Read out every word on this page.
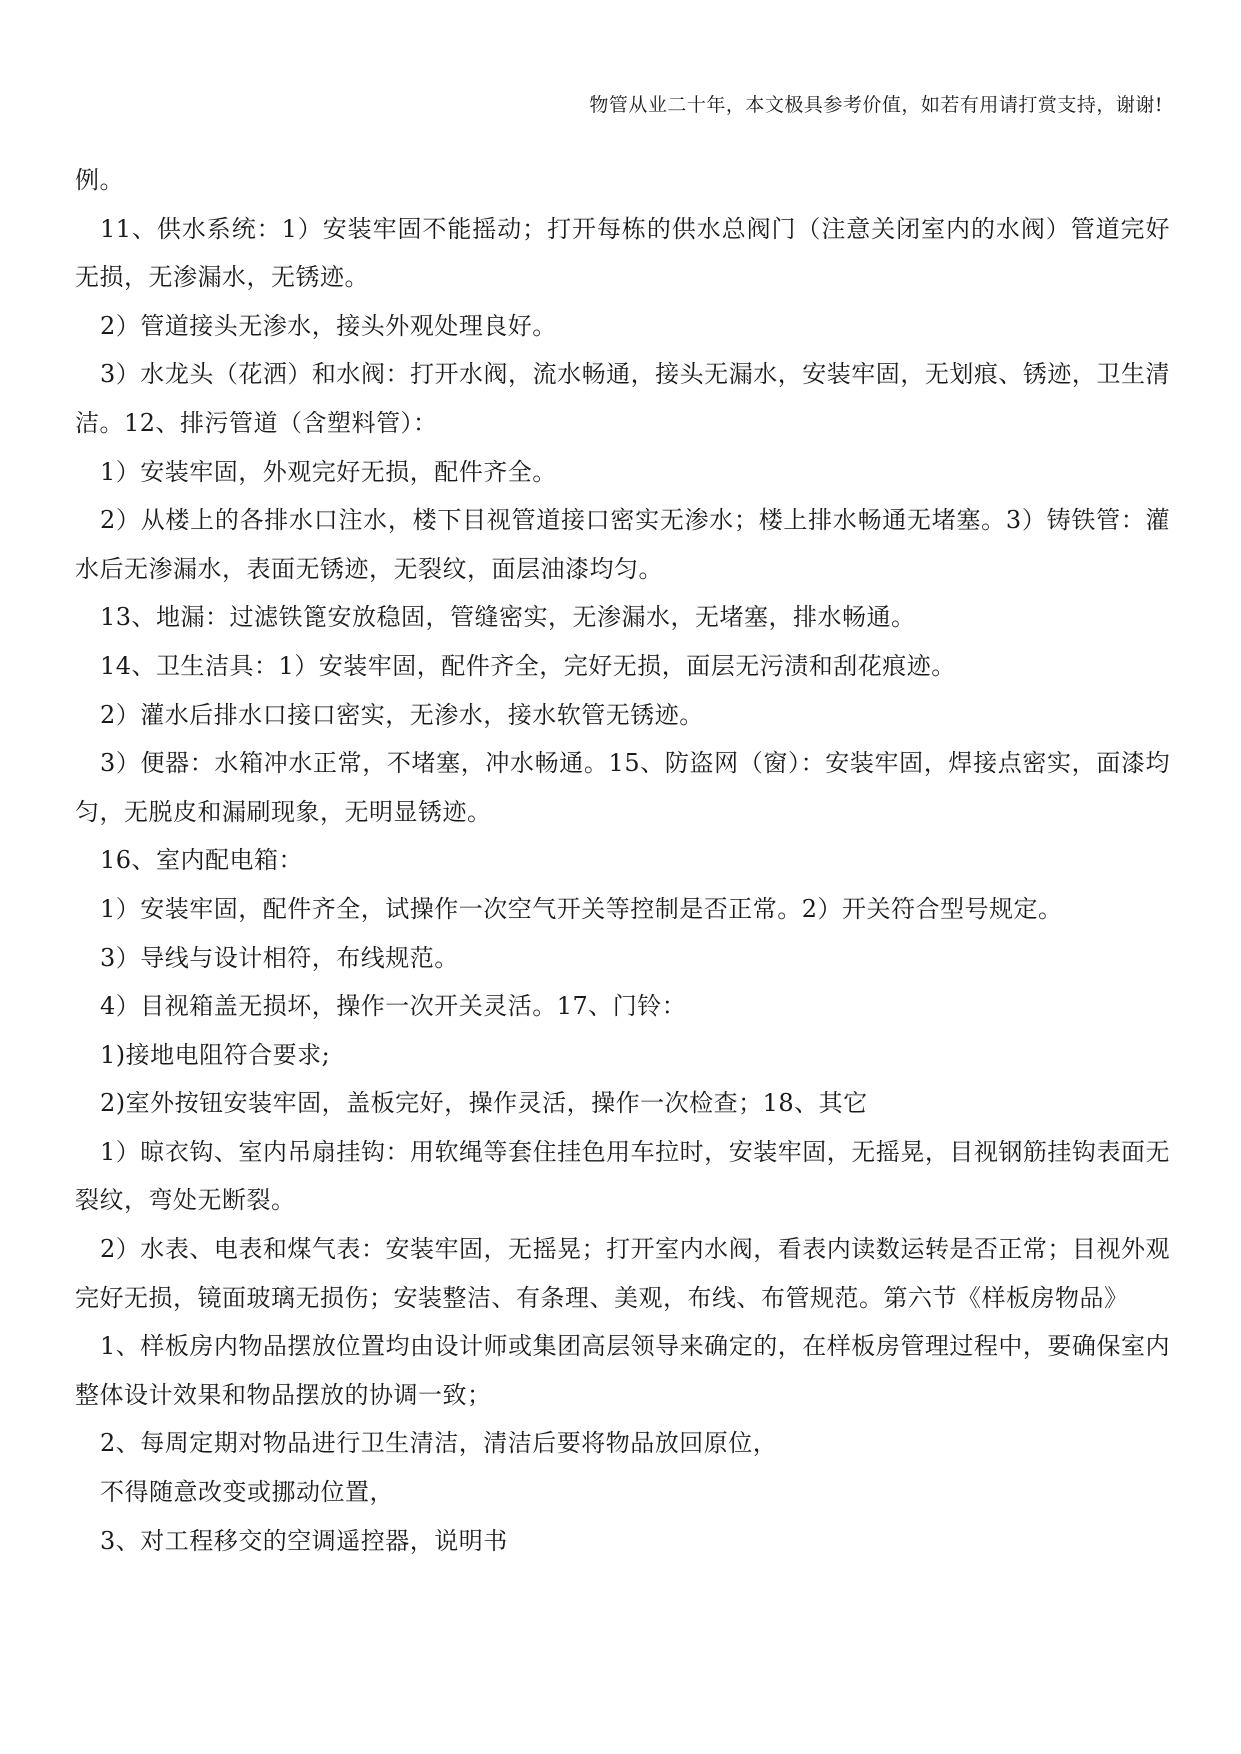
物管从业二十年，本文极具参考价值，如若有用请打赏支持，谢谢!

例。

11、供水系统：1）安装牢固不能摇动；打开每栋的供水总阀门（注意关闭室内的水阀）管道完好无损，无渗漏水，无锈迹。

2）管道接头无渗水，接头外观处理良好。

3）水龙头（花洒）和水阀：打开水阀，流水畅通，接头无漏水，安装牢固，无划痕、锈迹，卫生清洁。12、排污管道（含塑料管）：

1）安装牢固，外观完好无损，配件齐全。

2）从楼上的各排水口注水，楼下目视管道接口密实无渗水；楼上排水畅通无堵塞。3）铸铁管：灌水后无渗漏水，表面无锈迹，无裂纹，面层油漆均匀。

13、地漏：过滤铁篦安放稳固，管缝密实，无渗漏水，无堵塞，排水畅通。

14、卫生洁具：1）安装牢固，配件齐全，完好无损，面层无污渍和刮花痕迹。

2）灌水后排水口接口密实，无渗水，接水软管无锈迹。

3）便器：水箱冲水正常，不堵塞，冲水畅通。15、防盗网（窗）：安装牢固，焊接点密实，面漆均匀，无脱皮和漏刷现象，无明显锈迹。

16、室内配电箱：

1）安装牢固，配件齐全，试操作一次空气开关等控制是否正常。2）开关符合型号规定。

3）导线与设计相符，布线规范。

4）目视箱盖无损坏，操作一次开关灵活。17、门铃：

1)接地电阻符合要求;

2)室外按钮安装牢固，盖板完好，操作灵活，操作一次检查；18、其它

1）晾衣钩、室内吊扇挂钩：用软绳等套住挂色用车拉时，安装牢固，无摇晃，目视钢筋挂钩表面无裂纹，弯处无断裂。

2）水表、电表和煤气表：安装牢固，无摇晃；打开室内水阀，看表内读数运转是否正常；目视外观完好无损，镜面玻璃无损伤；安装整洁、有条理、美观，布线、布管规范。第六节《样板房物品》

1、样板房内物品摆放位置均由设计师或集团高层领导来确定的，在样板房管理过程中，要确保室内整体设计效果和物品摆放的协调一致；

2、每周定期对物品进行卫生清洁，清洁后要将物品放回原位，

不得随意改变或挪动位置，

3、对工程移交的空调遥控器，说明书
